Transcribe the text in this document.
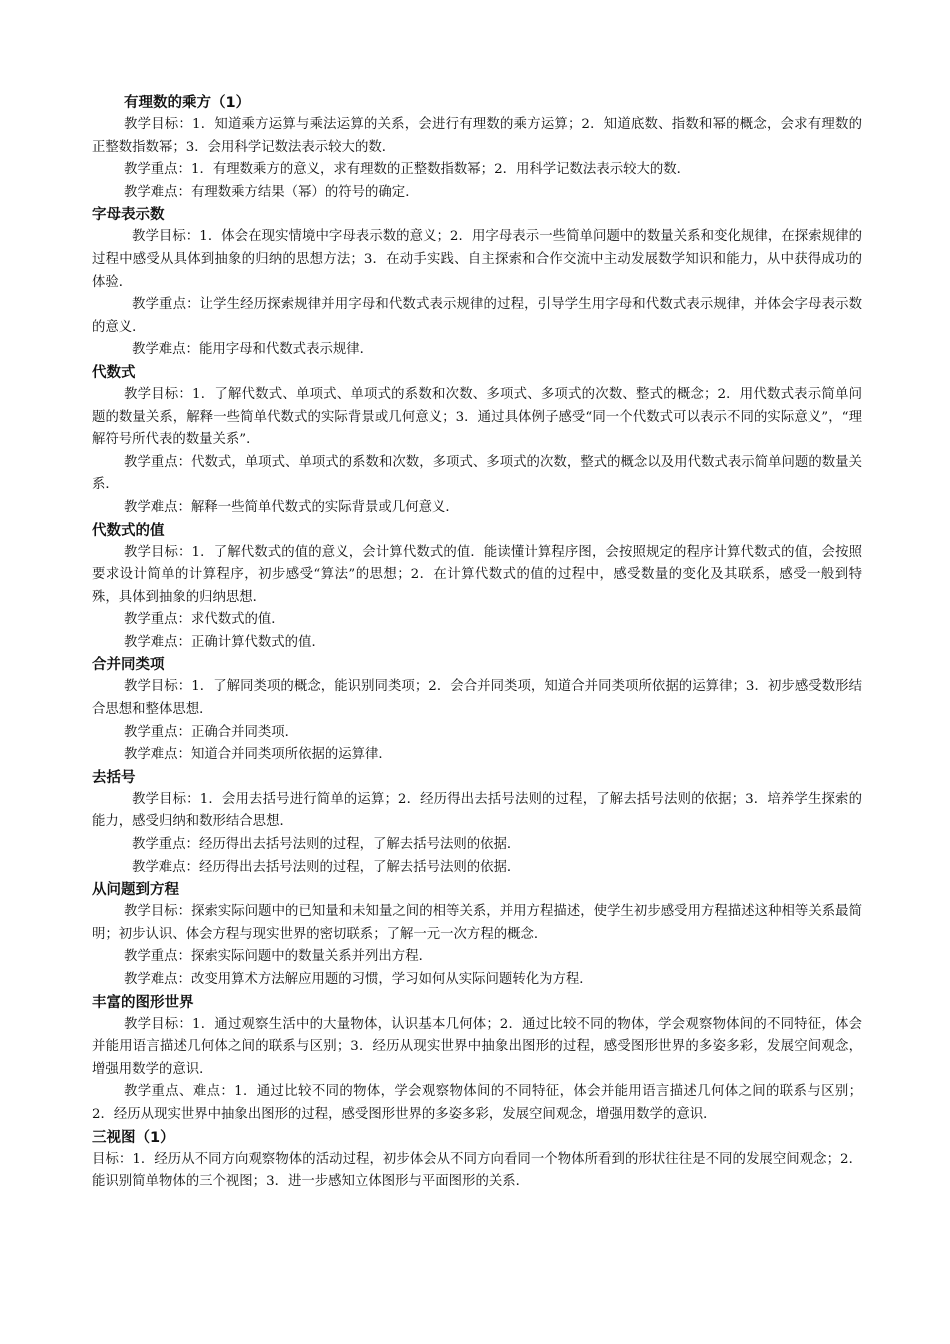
有理数的乘方（1）

教学目标：1．知道乘方运算与乘法运算的关系，会进行有理数的乘方运算；2．知道底数、指数和幂的概念，会求有理数的正整数指数幂；3．会用科学记数法表示较大的数．

教学重点：1．有理数乘方的意义，求有理数的正整数指数幂；2．用科学记数法表示较大的数．

教学难点：有理数乘方结果（幂）的符号的确定．

字母表示数

教学目标：1．体会在现实情境中字母表示数的意义；2．用字母表示一些简单问题中的数量关系和变化规律，在探索规律的过程中感受从具体到抽象的归纳的思想方法；3．在动手实践、自主探索和合作交流中主动发展数学知识和能力，从中获得成功的体验．

教学重点：让学生经历探索规律并用字母和代数式表示规律的过程，引导学生用字母和代数式表示规律，并体会字母表示数的意义．

教学难点：能用字母和代数式表示规律．

代数式

教学目标：1．了解代数式、单项式、单项式的系数和次数、多项式、多项式的次数、整式的概念；2．用代数式表示简单问题的数量关系，解释一些简单代数式的实际背景或几何意义；3．通过具体例子感受“同一个代数式可以表示不同的实际意义”，“理解符号所代表的数量关系”．

教学重点：代数式，单项式、单项式的系数和次数，多项式、多项式的次数，整式的概念以及用代数式表示简单问题的数量关系．

教学难点：解释一些简单代数式的实际背景或几何意义．

代数式的值

教学目标：1．了解代数式的值的意义，会计算代数式的值．能读懂计算程序图，会按照规定的程序计算代数式的值，会按照要求设计简单的计算程序，初步感受“算法”的思想；2．在计算代数式的值的过程中，感受数量的变化及其联系，感受一般到特殊，具体到抽象的归纳思想．

教学重点：求代数式的值．

教学难点：正确计算代数式的值．

合并同类项

教学目标：1．了解同类项的概念，能识别同类项；2．会合并同类项，知道合并同类项所依据的运算律；3．初步感受数形结合思想和整体思想．

教学重点：正确合并同类项．

教学难点：知道合并同类项所依据的运算律．

去括号

教学目标：1．会用去括号进行简单的运算；2．经历得出去括号法则的过程，了解去括号法则的依据；3．培养学生探索的能力，感受归纳和数形结合思想．

教学重点：经历得出去括号法则的过程，了解去括号法则的依据．

教学难点：经历得出去括号法则的过程，了解去括号法则的依据．

从问题到方程

教学目标：探索实际问题中的已知量和未知量之间的相等关系，并用方程描述，使学生初步感受用方程描述这种相等关系最简明；初步认识、体会方程与现实世界的密切联系；了解一元一次方程的概念．

教学重点：探索实际问题中的数量关系并列出方程．

教学难点：改变用算术方法解应用题的习惯，学习如何从实际问题转化为方程．

丰富的图形世界

教学目标：1．通过观察生活中的大量物体，认识基本几何体；2．通过比较不同的物体，学会观察物体间的不同特征，体会并能用语言描述几何体之间的联系与区别；3．经历从现实世界中抽象出图形的过程，感受图形世界的多姿多彩，发展空间观念，增强用数学的意识．

教学重点、难点：1．通过比较不同的物体，学会观察物体间的不同特征，体会并能用语言描述几何体之间的联系与区别；2．经历从现实世界中抽象出图形的过程，感受图形世界的多姿多彩，发展空间观念，增强用数学的意识．

三视图（1）

目标：1．经历从不同方向观察物体的活动过程，初步体会从不同方向看同一个物体所看到的形状往往是不同的发展空间观念；2．能识别简单物体的三个视图；3．进一步感知立体图形与平面图形的关系．
